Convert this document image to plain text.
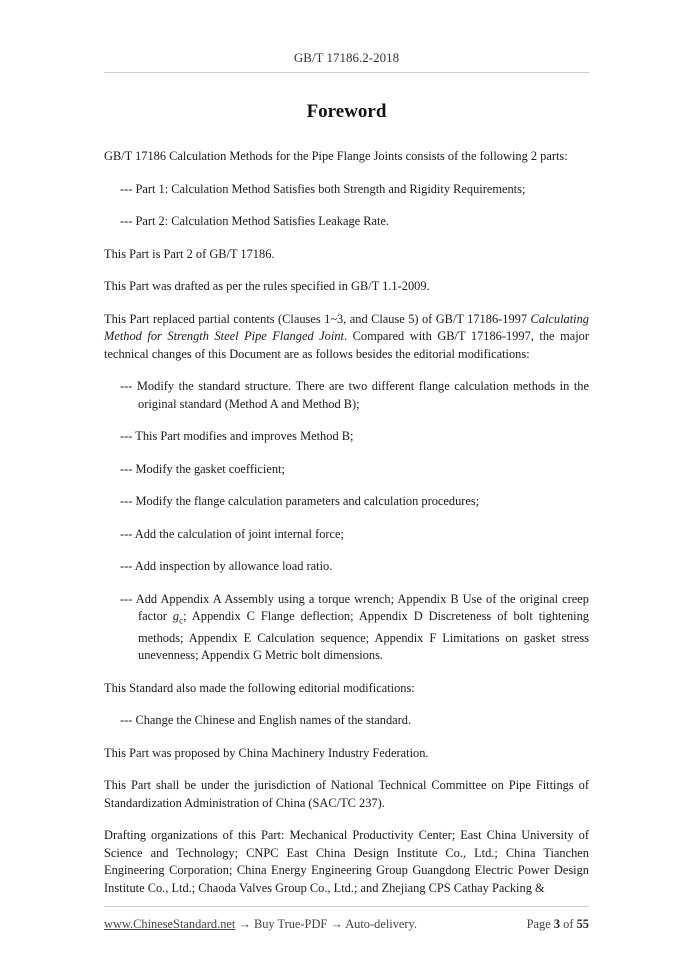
GB/T 17186.2-2018
Foreword

GB/T 17186 Calculation Methods for the Pipe Flange Joints consists of the following 2 parts:

--- Part 1: Calculation Method Satisfies both Strength and Rigidity Requirements;

--- Part 2: Calculation Method Satisfies Leakage Rate.

This Part is Part 2 of GB/T 17186.

This Part was drafted as per the rules specified in GB/T 1.1-2009.

This Part replaced partial contents (Clauses 1~3, and Clause 5) of GB/T 17186-1997 Calculating Method for Strength Steel Pipe Flanged Joint. Compared with GB/T 17186-1997, the major technical changes of this Document are as follows besides the editorial modifications:

--- Modify the standard structure. There are two different flange calculation methods in the original standard (Method A and Method B);

--- This Part modifies and improves Method B;

--- Modify the gasket coefficient;

--- Modify the flange calculation parameters and calculation procedures;

--- Add the calculation of joint internal force;

--- Add inspection by allowance load ratio.

--- Add Appendix A Assembly using a torque wrench; Appendix B Use of the original creep factor $g_c$; Appendix C Flange deflection; Appendix D Discreteness of bolt tightening methods; Appendix E Calculation sequence; Appendix F Limitations on gasket stress unevenness; Appendix G Metric bolt dimensions.

This Standard also made the following editorial modifications:

--- Change the Chinese and English names of the standard.

This Part was proposed by China Machinery Industry Federation.

This Part shall be under the jurisdiction of National Technical Committee on Pipe Fittings of Standardization Administration of China (SAC/TC 237).

Drafting organizations of this Part: Mechanical Productivity Center; East China University of Science and Technology; CNPC East China Design Institute Co., Ltd.; China Tianchen Engineering Corporation; China Energy Engineering Group Guangdong Electric Power Design Institute Co., Ltd.; Chaoda Valves Group Co., Ltd.; and Zhejiang CPS Cathay Packing &

www.ChineseStandard.net → Buy True-PDF → Auto-delivery.	Page 3 of 55
